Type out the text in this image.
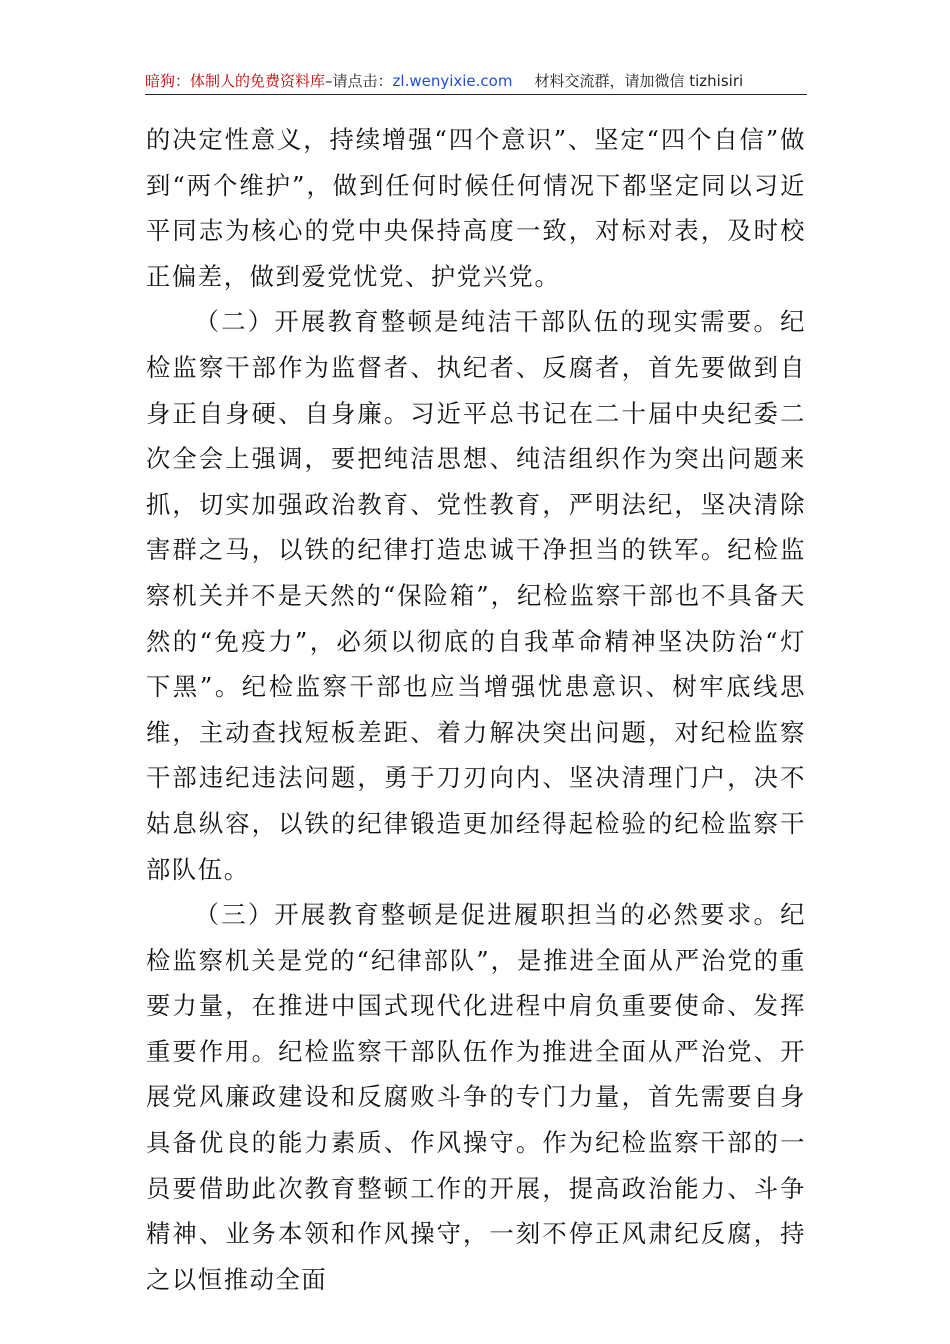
暗狗：体制人的免费资料库–请点击：zl.wenyixie.com 材料交流群，请加微信 tizhisiri

的决定性意义，持续增强“四个意识”、坚定“四个自信”做到“两个维护”，做到任何时候任何情况下都坚定同以习近平同志为核心的党中央保持高度一致，对标对表，及时校正偏差，做到爱党忧党、护党兴党。

（二）开展教育整顿是纯洁干部队伍的现实需要。纪检监察干部作为监督者、执纪者、反腐者，首先要做到自身正自身硬、自身廉。习近平总书记在二十届中央纪委二次全会上强调，要把纯洁思想、纯洁组织作为突出问题来抓，切实加强政治教育、党性教育，严明法纪，坚决清除害群之马，以铁的纪律打造忠诚干净担当的铁军。纪检监察机关并不是天然的“保险箱”，纪检监察干部也不具备天然的“免疫力”，必须以彻底的自我革命精神坚决防治“灯下黑”。纪检监察干部也应当增强忧患意识、树牢底线思维，主动查找短板差距、着力解决突出问题，对纪检监察干部违纪违法问题，勇于刀刃向内、坚决清理门户，决不姑息纵容，以铁的纪律锻造更加经得起检验的纪检监察干部队伍。

（三）开展教育整顿是促进履职担当的必然要求。纪检监察机关是党的“纪律部队”，是推进全面从严治党的重要力量，在推进中国式现代化进程中肩负重要使命、发挥重要作用。纪检监察干部队伍作为推进全面从严治党、开展党风廉政建设和反腐败斗争的专门力量，首先需要自身具备优良的能力素质、作风操守。作为纪检监察干部的一员要借助此次教育整顿工作的开展，提高政治能力、斗争精神、业务本领和作风操守，一刻不停正风肃纪反腐，持之以恒推动全面
